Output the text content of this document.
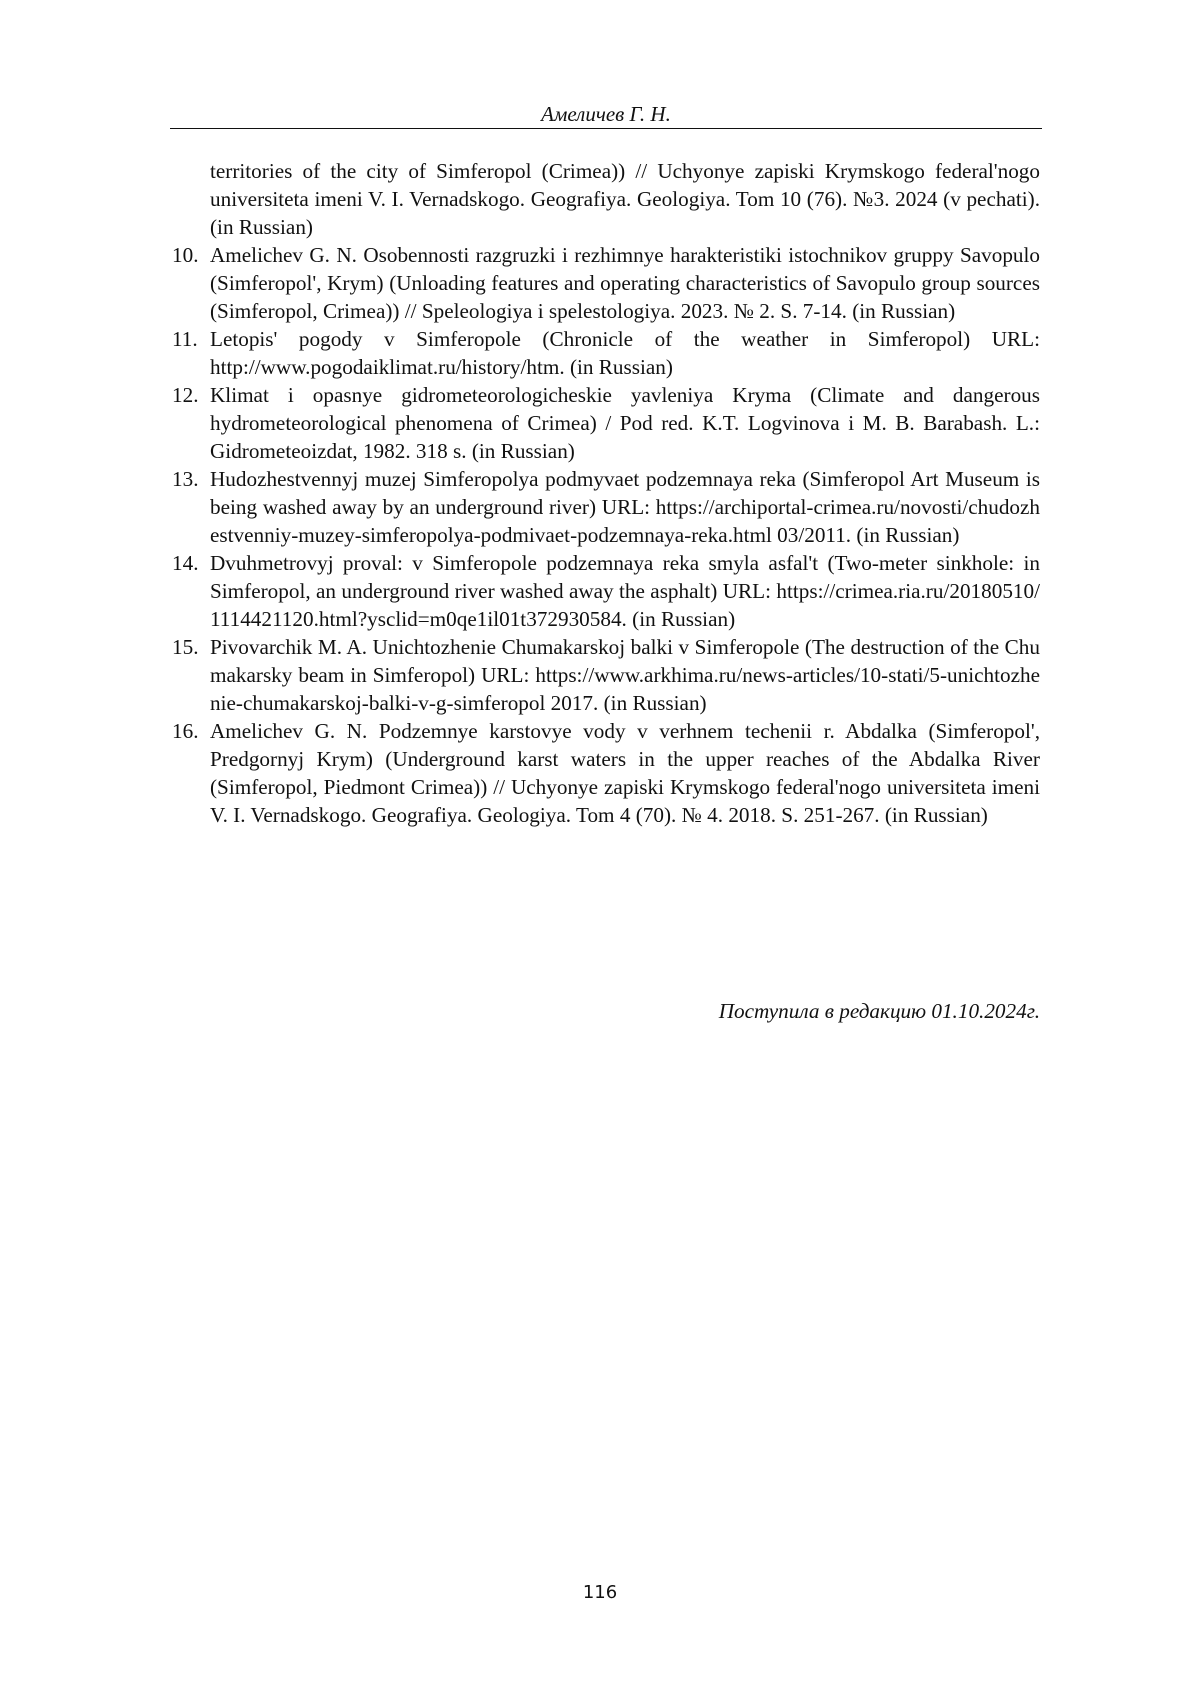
Амеличев Г. Н.
territories of the city of Simferopol (Crimea)) // Uchyonye zapiski Krymskogo federal'nogo universiteta imeni V. I. Vernadskogo. Geografiya. Geologiya. Tom 10 (76). №3. 2024 (v pechati). (in Russian)
10. Amelichev G. N. Osobennosti razgruzki i rezhimnye harakteristiki istochnikov gruppy Savopulo (Simferopol', Krym) (Unloading features and operating characteristics of Savopulo group sources (Simferopol, Crimea)) // Speleologiya i spelestologiya. 2023. № 2. S. 7-14. (in Russian)
11. Letopis' pogody v Simferopole (Chronicle of the weather in Simferopol) URL: http://www.pogodaiklimat.ru/history/htm. (in Russian)
12. Klimat i opasnye gidrometeorologicheskie yavleniya Kryma (Climate and dangerous hydrometeorological phenomena of Crimea) / Pod red. K.T. Logvinova i M. B. Barabash. L.: Gidrometeoizdat, 1982. 318 s. (in Russian)
13. Hudozhestvennyj muzej Simferopolya podmyvaet podzemnaya reka (Simferopol Art Museum is being washed away by an underground river) URL: https://archiportal-crimea.ru/novosti/chudozhestvenniy-muzey-simferopolya-podmivaet-podzemnaya-reka.html 03/2011. (in Russian)
14. Dvuhmetrovyj proval: v Simferopole podzemnaya reka smyla asfal't (Two-meter sinkhole: in Simferopol, an underground river washed away the asphalt) URL: https://crimea.ria.ru/20180510/ 1114421120.html?ysclid=m0qe1il01t372930584. (in Russian)
15. Pivovarchik M. A. Unichtozhenie Chumakarskoj balki v Simferopole (The destruction of the Chumakarsky beam in Simferopol) URL: https://www.arkhima.ru/news-articles/10-stati/5-unichtozhenie-chumakarskoj-balki-v-g-simferopol 2017. (in Russian)
16. Amelichev G. N. Podzemnye karstovye vody v verhnem techenii r. Abdalka (Simferopol', Predgornyj Krym) (Underground karst waters in the upper reaches of the Abdalka River (Simferopol, Piedmont Crimea)) // Uchyonye zapiski Krymskogo federal'nogo universiteta imeni V. I. Vernadskogo. Geografiya. Geologiya. Tom 4 (70). № 4. 2018. S. 251-267. (in Russian)
Поступила в редакцию 01.10.2024г.
116
